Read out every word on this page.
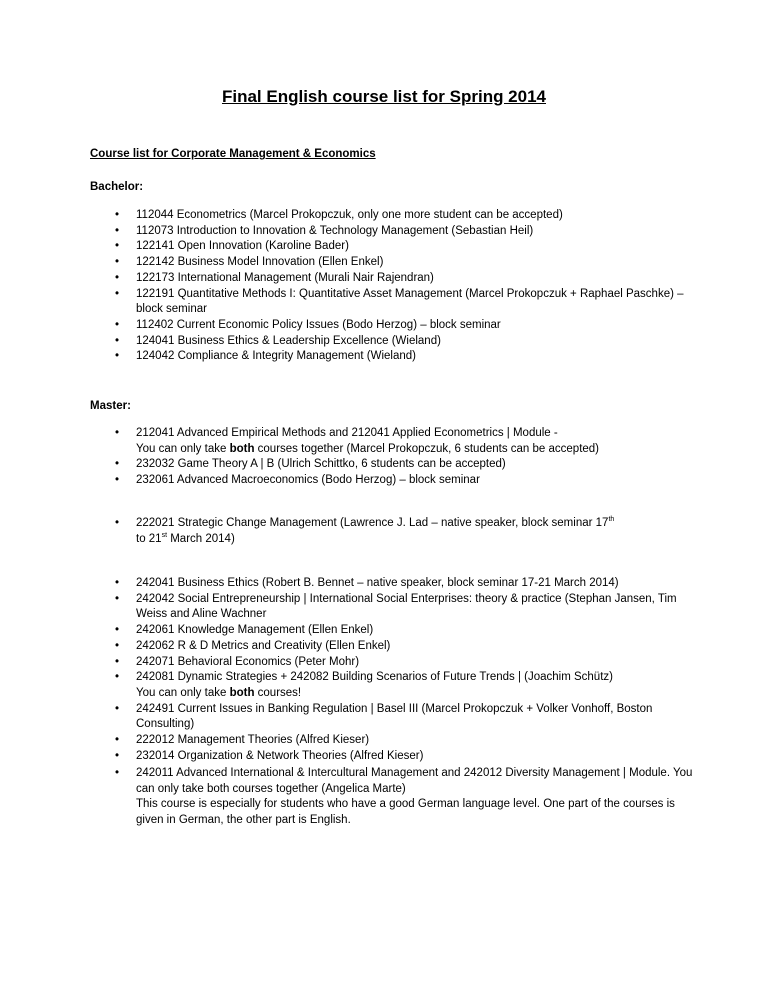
Final English course list for Spring 2014
Course list for Corporate Management & Economics
Bachelor:
• 112044 Econometrics (Marcel Prokopczuk, only one more student can be accepted)
• 112073 Introduction to Innovation & Technology Management (Sebastian Heil)
• 122141 Open Innovation (Karoline Bader)
• 122142 Business Model Innovation (Ellen Enkel)
• 122173 International Management (Murali Nair Rajendran)
• 122191 Quantitative Methods I: Quantitative Asset Management (Marcel Prokopczuk + Raphael Paschke) – block seminar
• 112402 Current Economic Policy Issues (Bodo Herzog) – block seminar
• 124041 Business Ethics & Leadership Excellence (Wieland)
• 124042 Compliance & Integrity Management (Wieland)
Master:
• 212041 Advanced Empirical Methods and 212041 Applied Econometrics | Module -
You can only take both courses together (Marcel Prokopczuk, 6 students can be accepted)
• 232032 Game Theory A | B (Ulrich Schittko, 6 students can be accepted)
• 232061 Advanced Macroeconomics (Bodo Herzog) – block seminar
• 222021 Strategic Change Management (Lawrence J. Lad – native speaker, block seminar 17th
to 21st March 2014)
• 242041 Business Ethics (Robert B. Bennet – native speaker, block seminar 17-21 March 2014)
• 242042 Social Entrepreneurship | International Social Enterprises: theory & practice (Stephan Jansen, Tim Weiss and Aline Wachner
• 242061 Knowledge Management (Ellen Enkel)
• 242062 R & D Metrics and Creativity (Ellen Enkel)
• 242071 Behavioral Economics (Peter Mohr)
• 242081 Dynamic Strategies + 242082 Building Scenarios of Future Trends | (Joachim Schütz)
You can only take both courses!
• 242491 Current Issues in Banking Regulation | Basel III (Marcel Prokopczuk + Volker Vonhoff, Boston Consulting)
• 222012 Management Theories (Alfred Kieser)
• 232014 Organization & Network Theories (Alfred Kieser)
• 242011 Advanced International & Intercultural Management and 242012 Diversity Management | Module. You can only take both courses together (Angelica Marte)
This course is especially for students who have a good German language level. One part of the courses is given in German, the other part is English.
